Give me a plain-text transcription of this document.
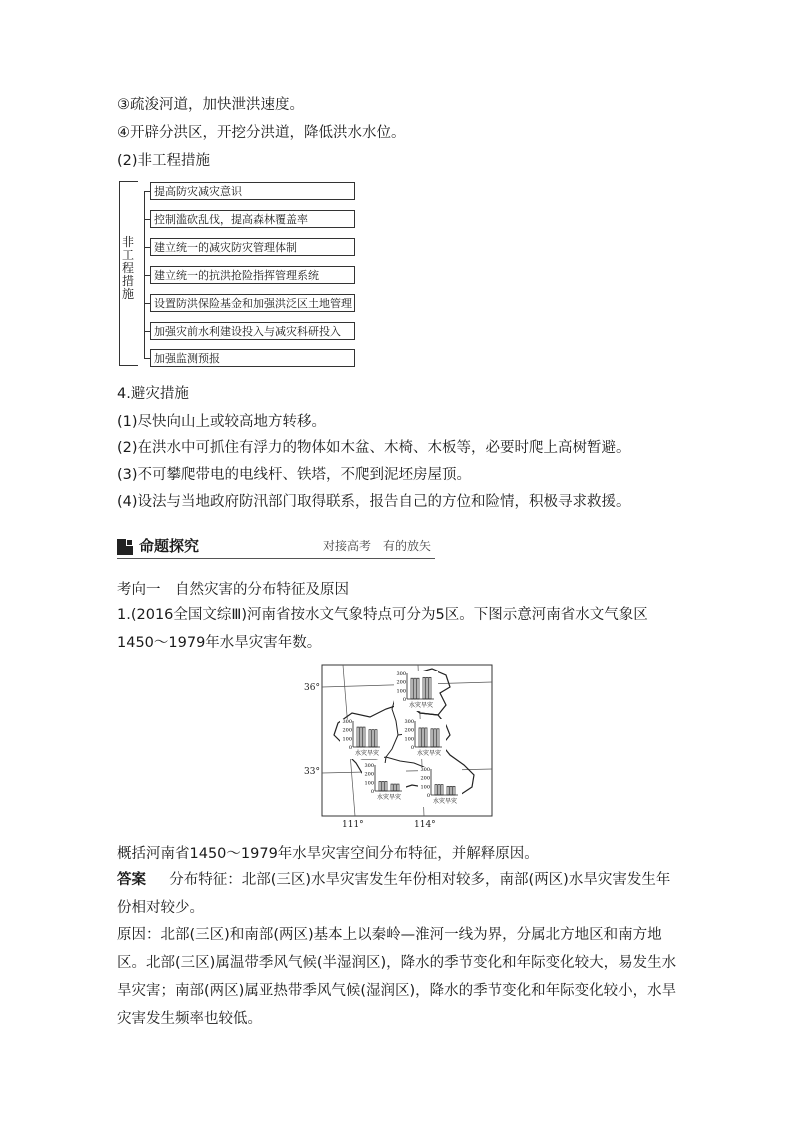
③疏浚河道，加快泄洪速度。
④开辟分洪区，开挖分洪道，降低洪水水位。
(2)非工程措施
非
工
程
措
施
提高防灾减灾意识
控制滥砍乱伐，提高森林覆盖率
建立统一的减灾防灾管理体制
建立统一的抗洪抢险指挥管理系统
设置防洪保险基金和加强洪泛区土地管理
加强灾前水利建设投入与减灾科研投入
加强监测预报
4.避灾措施
(1)尽快向山上或较高地方转移。
(2)在洪水中可抓住有浮力的物体如木盆、木椅、木板等，必要时爬上高树暂避。
(3)不可攀爬带电的电线杆、铁塔，不爬到泥坯房屋顶。
(4)设法与当地政府防汛部门取得联系，报告自己的方位和险情，积极寻求救援。
命题探究	对接高考　有的放矢
考向一　自然灾害的分布特征及原因
1.(2016全国文综Ⅲ)河南省按水文气象特点可分为5区。下图示意河南省水文气象区1450～1979年水旱灾害年数。
36°
33°
111°	114°
300
200
100
0
水灾旱灾
300
200
100
0
水灾旱灾
300
200
100
0
水灾旱灾
300
200
100
0
水灾旱灾
300
200
100
0
水灾旱灾
概括河南省1450～1979年水旱灾害空间分布特征，并解释原因。
答案 分布特征：北部(三区)水旱灾害发生年份相对较多，南部(两区)水旱灾害发生年份相对较少。
原因：北部(三区)和南部(两区)基本上以秦岭—淮河一线为界，分属北方地区和南方地区。北部(三区)属温带季风气候(半湿润区)，降水的季节变化和年际变化较大，易发生水旱灾害；南部(两区)属亚热带季风气候(湿润区)，降水的季节变化和年际变化较小，水旱灾害发生频率也较低。
